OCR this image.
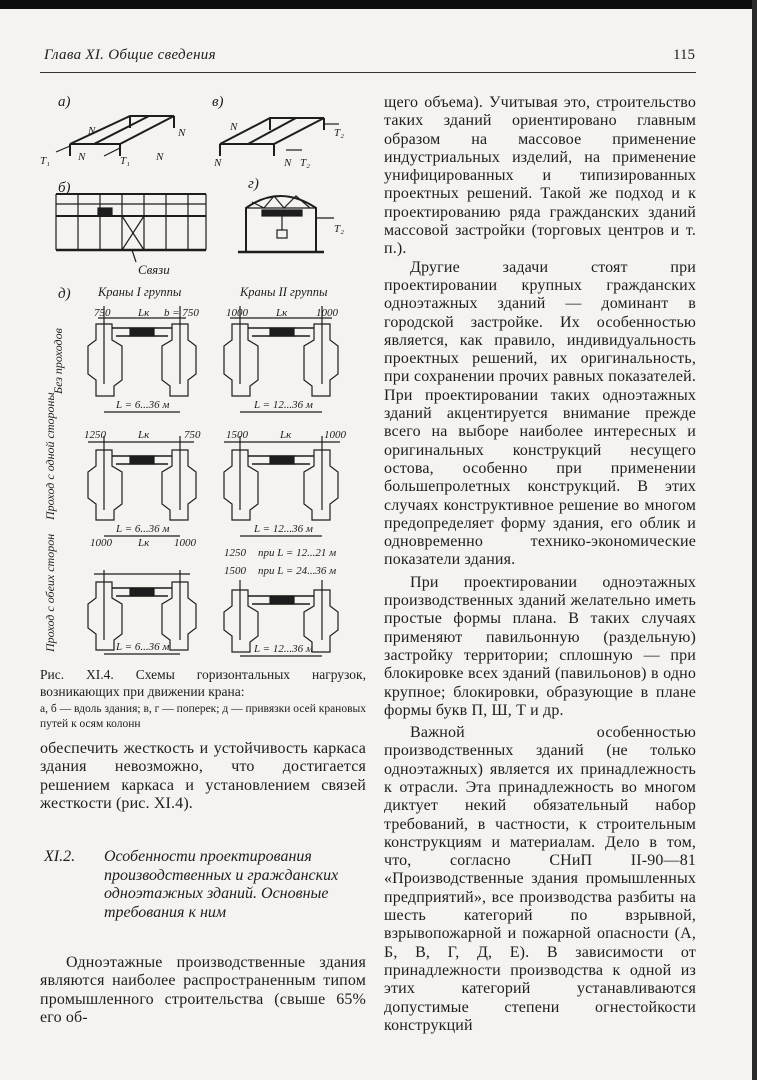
Глава XI. Общие сведения	115
а)
T₁	T₁
N	N
N	N
в)
T₂
T₂
N
N	N
б)
Связи
г)
T₂
д) Краны I группы	Краны II группы
Без проходов
Проход с одной стороны
Проход с обеих сторон
750	Lк b = 750 1000	Lк	1000
L = 6...36 м	L = 12...36 м
1250	Lк	750 1500	Lк	1000
L = 6...36 м	L = 12...36 м
1250 при L = 12...21 м
1500 при L = 24...36 м
1000 Lк 1000
L = 6...36 м	L = 12...36 м
Рис. XI.4. Схемы горизонтальных нагрузок, возникающих при движении крана:
а, б — вдоль здания; в, г — поперек; д — привязки осей крановых путей к осям колонн

обеспечить жесткость и устойчивость каркаса здания невозможно, что достигается решением каркаса и установлением связей жесткости (рис. XI.4).

XI.2. Особенности проектирования производственных и гражданских одноэтажных зданий. Основные требования к ним

Одноэтажные производственные здания являются наиболее распространенным типом промышленного строительства (свыше 65% его об-

щего объема). Учитывая это, строительство таких зданий ориентировано главным образом на массовое применение индустриальных изделий, на применение унифицированных и типизированных проектных решений. Такой же подход и к проектированию ряда гражданских зданий массовой застройки (торговых центров и т. п.).

Другие задачи стоят при проектировании крупных гражданских одноэтажных зданий — доминант в городской застройке. Их особенностью является, как правило, индивидуальность проектных решений, их оригинальность, при сохранении прочих равных показателей. При проектировании таких одноэтажных зданий акцентируется внимание прежде всего на выборе наиболее интересных и оригинальных конструкций несущего остова, особенно при применении большепролетных конструкций. В этих случаях конструктивное решение во многом предопределяет форму здания, его облик и одновременно технико-экономические показатели здания.

При проектировании одноэтажных производственных зданий желательно иметь простые формы плана. В таких случаях применяют павильонную (раздельную) застройку территории; сплошную — при блокировке всех зданий (павильонов) в одно крупное; блокировки, образующие в плане формы букв П, Ш, Т и др.

Важной особенностью производственных зданий (не только одноэтажных) является их принадлежность к отрасли. Эта принадлежность во многом диктует некий обязательный набор требований, в частности, к строительным конструкциям и материалам. Дело в том, что, согласно СНиП II-90—81 «Производственные здания промышленных предприятий», все производства разбиты на шесть категорий по взрывной, взрывопожарной и пожарной опасности (А, Б, В, Г, Д, Е). В зависимости от принадлежности производства к одной из этих категорий устанавливаются допустимые степени огнестойкости конструкций
